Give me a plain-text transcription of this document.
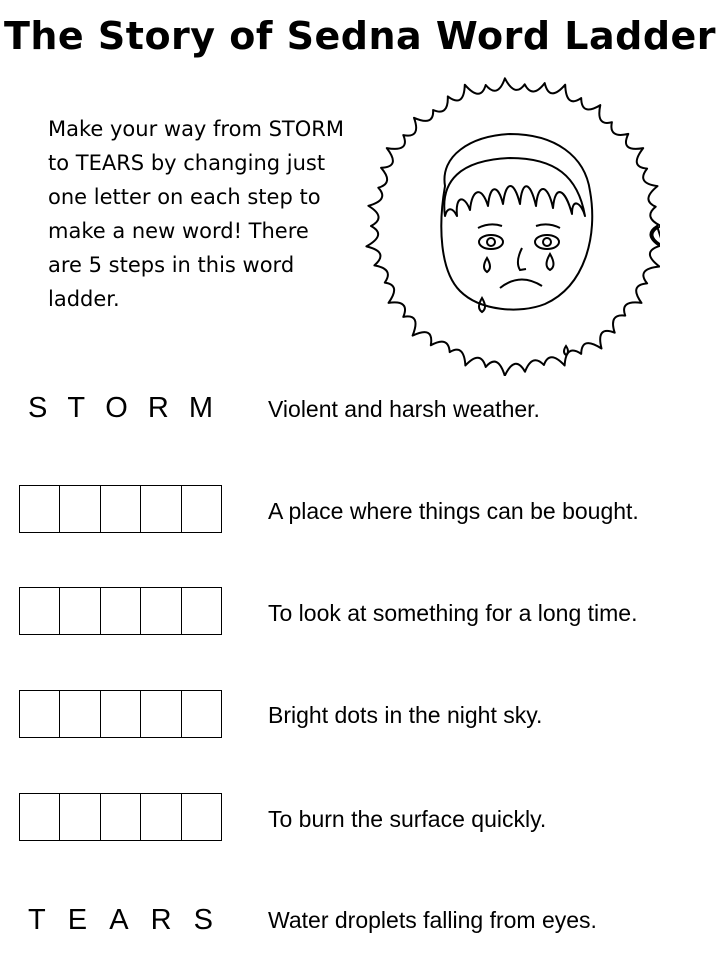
The Story of Sedna Word Ladder
Make your way from STORM to TEARS by changing just one letter on each step to make a new word! There are 5 steps in this word ladder.
S T O R M Violent and harsh weather.
A place where things can be bought.
To look at something for a long time.
Bright dots in the night sky.
To burn the surface quickly.
T E A R S Water droplets falling from eyes.
